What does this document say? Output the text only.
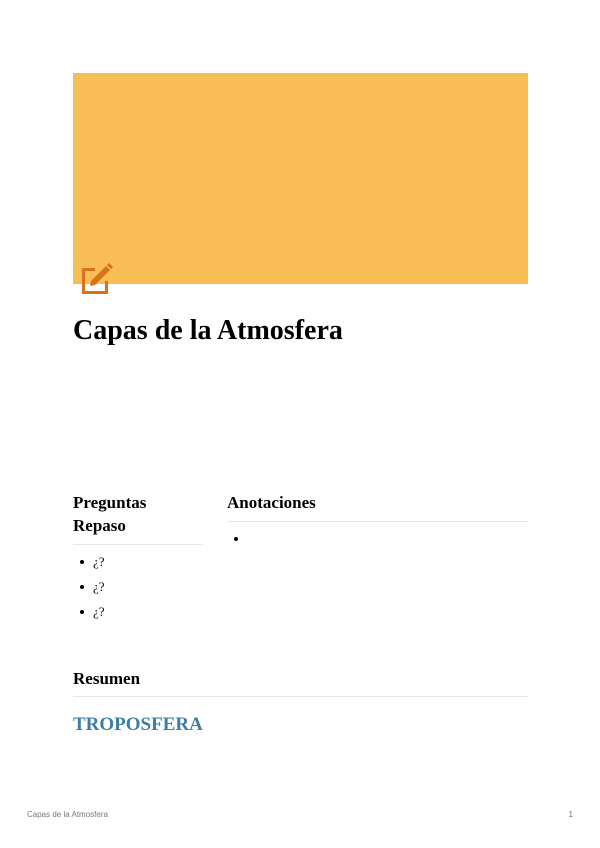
Capas de la Atmosfera
Preguntas Repaso
¿?
¿?
¿?
Anotaciones
Resumen
TROPOSFERA
Capas de la Atmosfera	1
